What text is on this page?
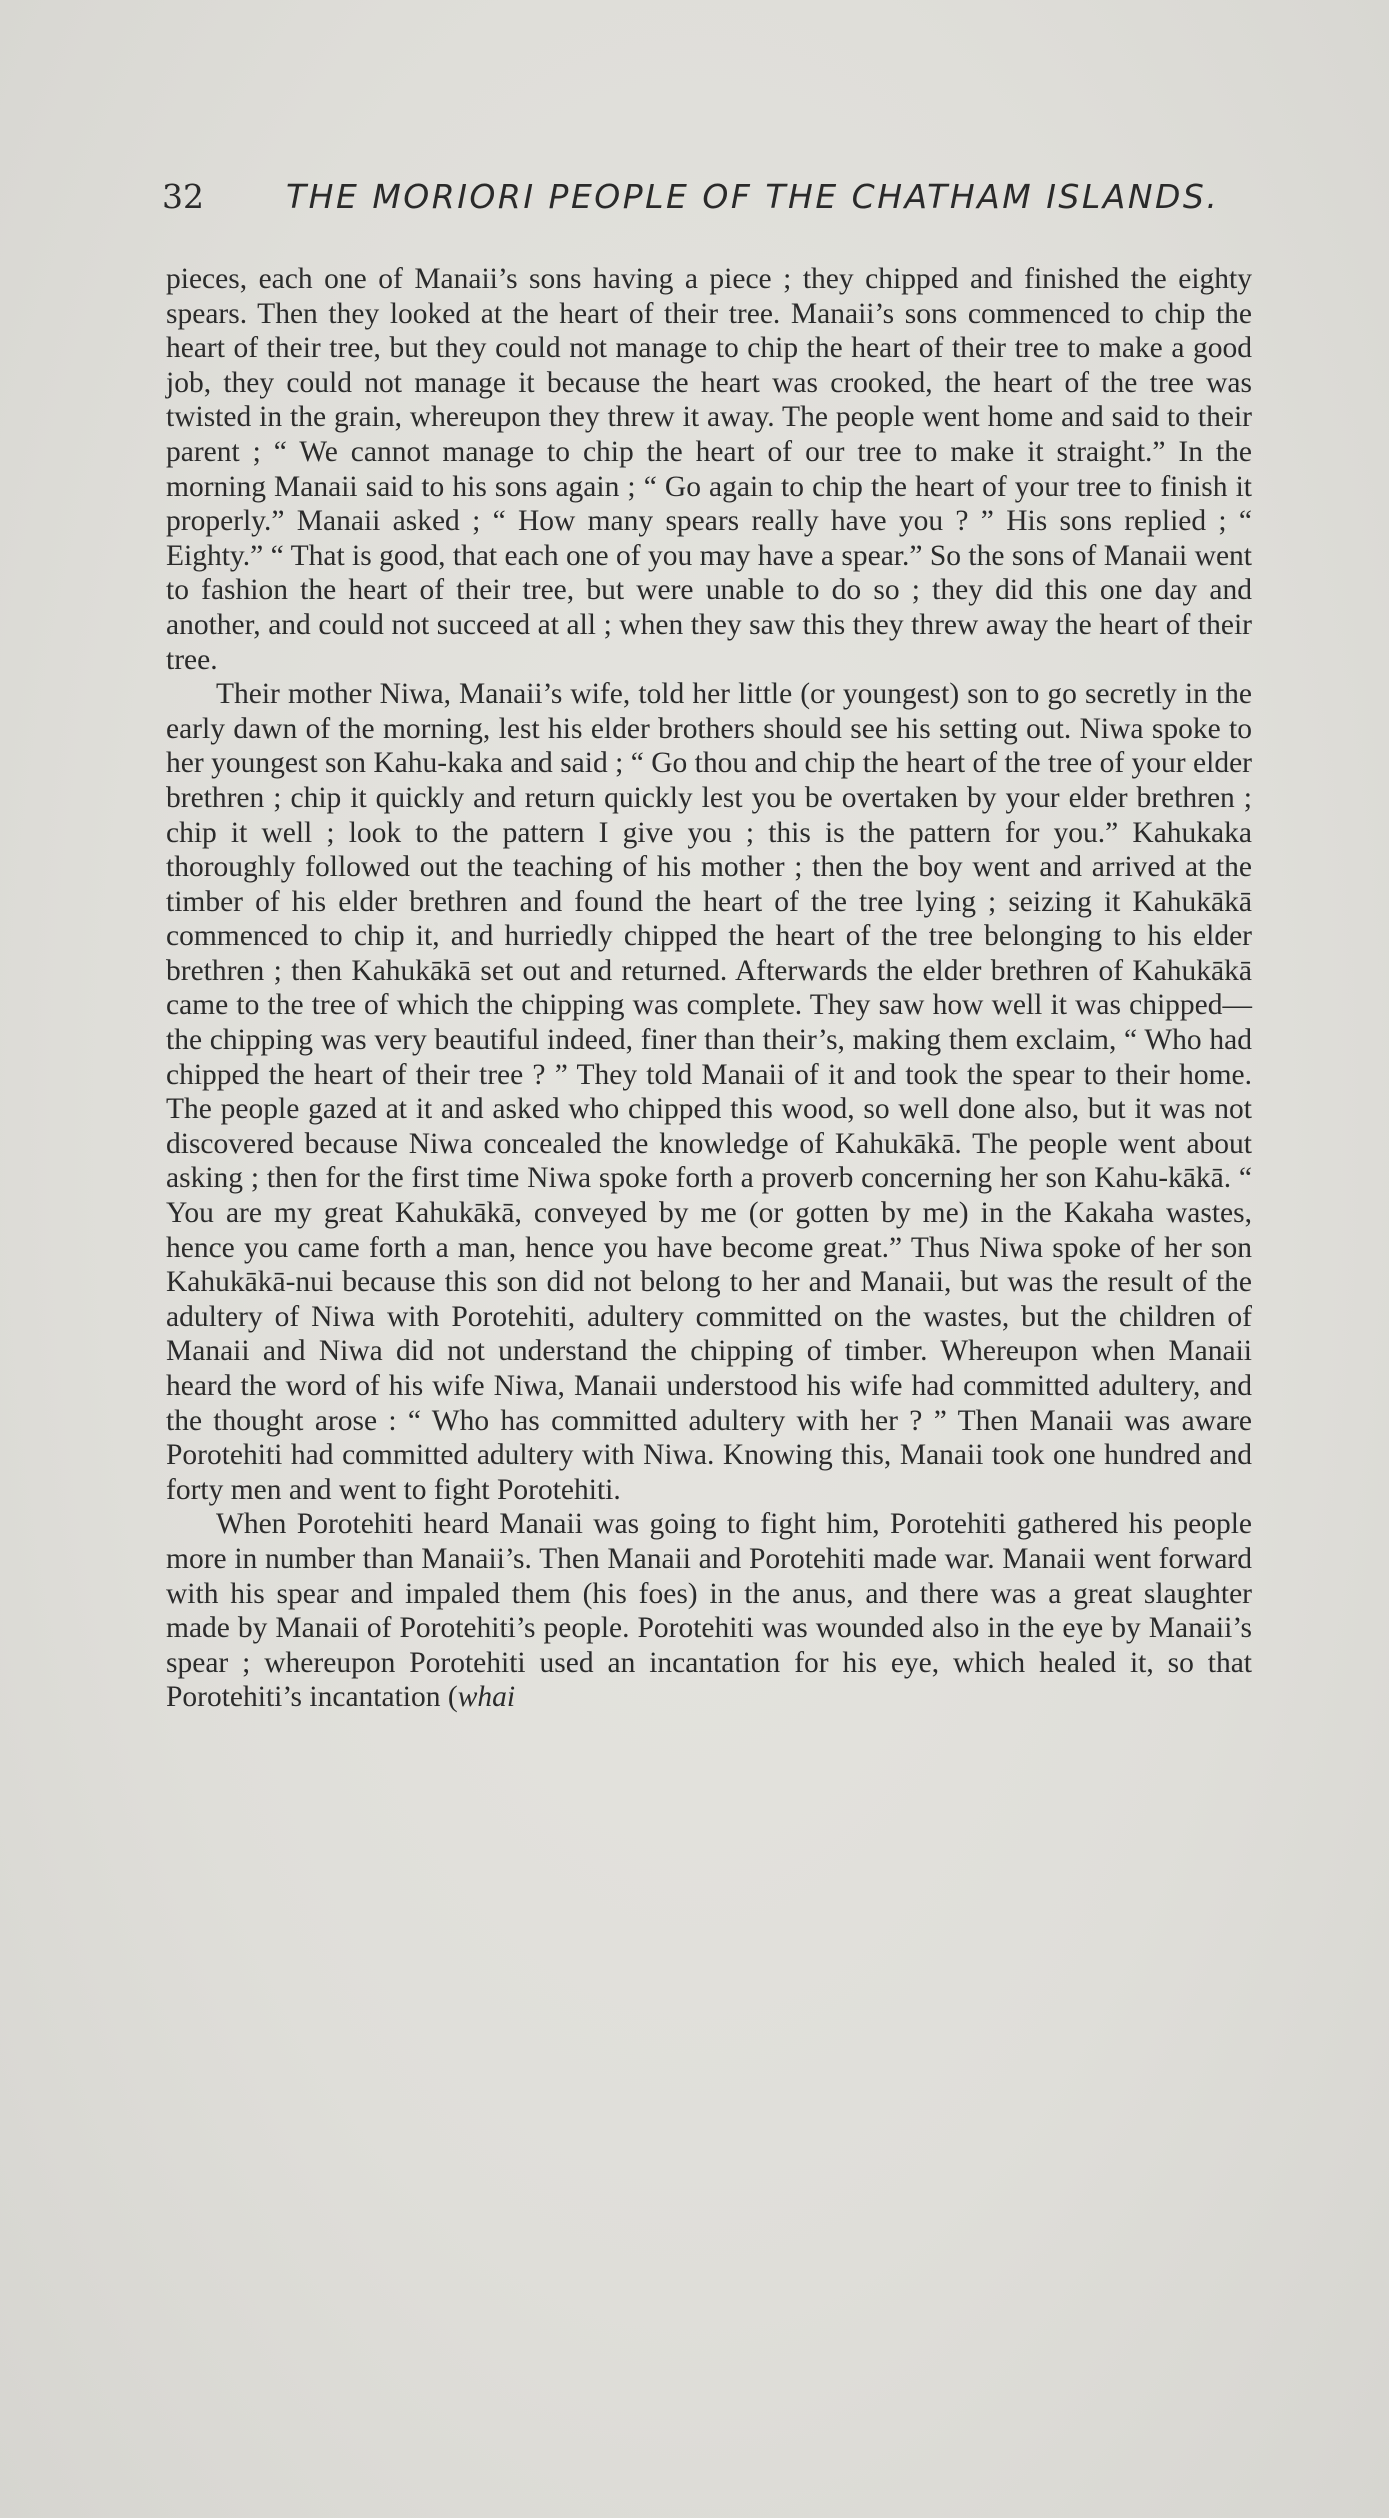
32 THE MORIORI PEOPLE OF THE CHATHAM ISLANDS.

pieces, each one of Manaii’s sons having a piece ; they chipped and finished the eighty spears. Then they looked at the heart of their tree. Manaii’s sons commenced to chip the heart of their tree, but they could not manage to chip the heart of their tree to make a good job, they could not manage it because the heart was crooked, the heart of the tree was twisted in the grain, whereupon they threw it away. The people went home and said to their parent ; “ We cannot manage to chip the heart of our tree to make it straight.” In the morning Manaii said to his sons again ; “ Go again to chip the heart of your tree to finish it properly.” Manaii asked ; “ How many spears really have you ? ” His sons replied ; “ Eighty.” “ That is good, that each one of you may have a spear.” So the sons of Manaii went to fashion the heart of their tree, but were unable to do so ; they did this one day and another, and could not succeed at all ; when they saw this they threw away the heart of their tree.

Their mother Niwa, Manaii’s wife, told her little (or youngest) son to go secretly in the early dawn of the morning, lest his elder brothers should see his setting out. Niwa spoke to her youngest son Kahu-kaka and said ; “ Go thou and chip the heart of the tree of your elder brethren ; chip it quickly and return quickly lest you be overtaken by your elder brethren ; chip it well ; look to the pattern I give you ; this is the pattern for you.” Kahukaka thoroughly followed out the teaching of his mother ; then the boy went and arrived at the timber of his elder brethren and found the heart of the tree lying ; seizing it Kahukākā commenced to chip it, and hurriedly chipped the heart of the tree belonging to his elder brethren ; then Kahukākā set out and returned. Afterwards the elder brethren of Kahukākā came to the tree of which the chipping was complete. They saw how well it was chipped—the chipping was very beautiful indeed, finer than their’s, making them exclaim, “ Who had chipped the heart of their tree ? ” They told Manaii of it and took the spear to their home. The people gazed at it and asked who chipped this wood, so well done also, but it was not discovered because Niwa concealed the knowledge of Kahukākā. The people went about asking ; then for the first time Niwa spoke forth a proverb concerning her son Kahu-kākā. “ You are my great Kahukākā, conveyed by me (or gotten by me) in the Kakaha wastes, hence you came forth a man, hence you have become great.” Thus Niwa spoke of her son Kahukākā-nui because this son did not belong to her and Manaii, but was the result of the adultery of Niwa with Porotehiti, adultery committed on the wastes, but the children of Manaii and Niwa did not understand the chipping of timber. Whereupon when Manaii heard the word of his wife Niwa, Manaii understood his wife had committed adultery, and the thought arose : “ Who has committed adultery with her ? ” Then Manaii was aware Porotehiti had committed adultery with Niwa. Knowing this, Manaii took one hundred and forty men and went to fight Porotehiti.

When Porotehiti heard Manaii was going to fight him, Porotehiti gathered his people more in number than Manaii’s. Then Manaii and Porotehiti made war. Manaii went forward with his spear and impaled them (his foes) in the anus, and there was a great slaughter made by Manaii of Porotehiti’s people. Porotehiti was wounded also in the eye by Manaii’s spear ; whereupon Porotehiti used an incantation for his eye, which healed it, so that Porotehiti’s incantation (whai
